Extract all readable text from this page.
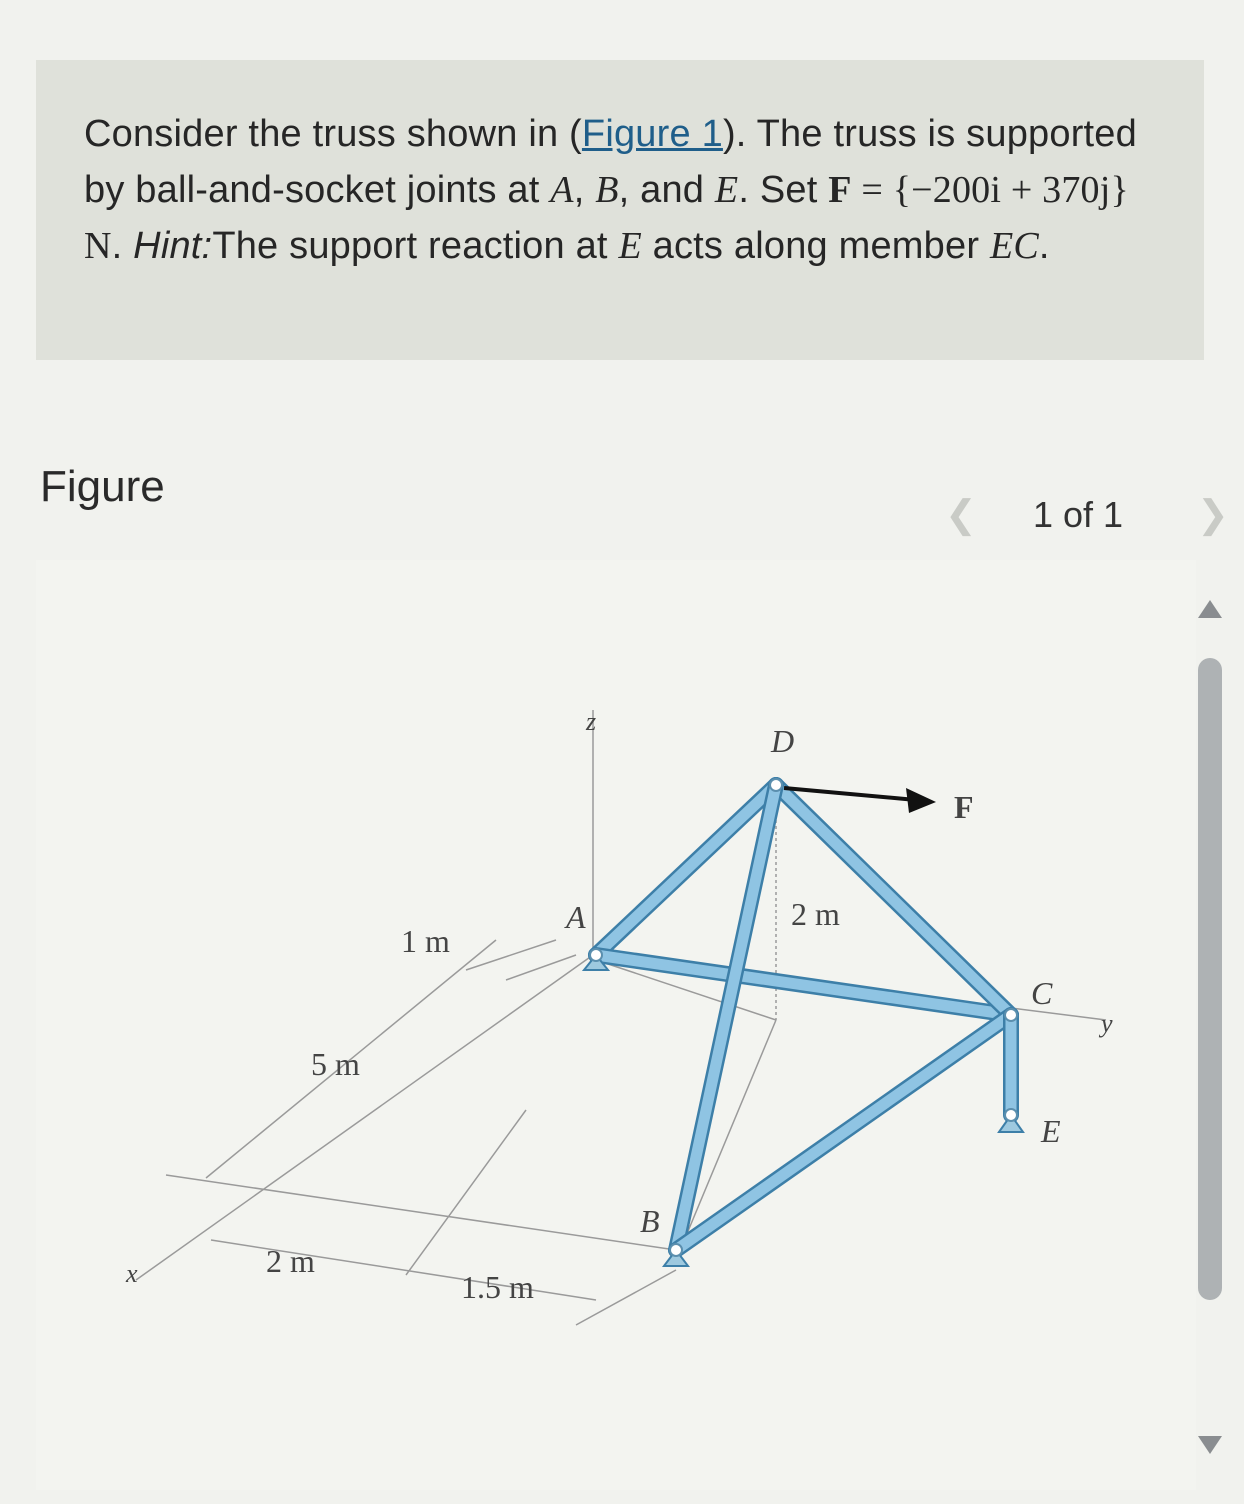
Consider the truss shown in (Figure 1). The truss is supported by ball-and-socket joints at A, B, and E. Set F = {−200i + 370j} N. Hint:The support reaction at E acts along member EC.
Figure
❮ 1 of 1 ❯
z
x
y
A
B
C
D
E
F
1 m
5 m
2 m
2 m
1.5 m
